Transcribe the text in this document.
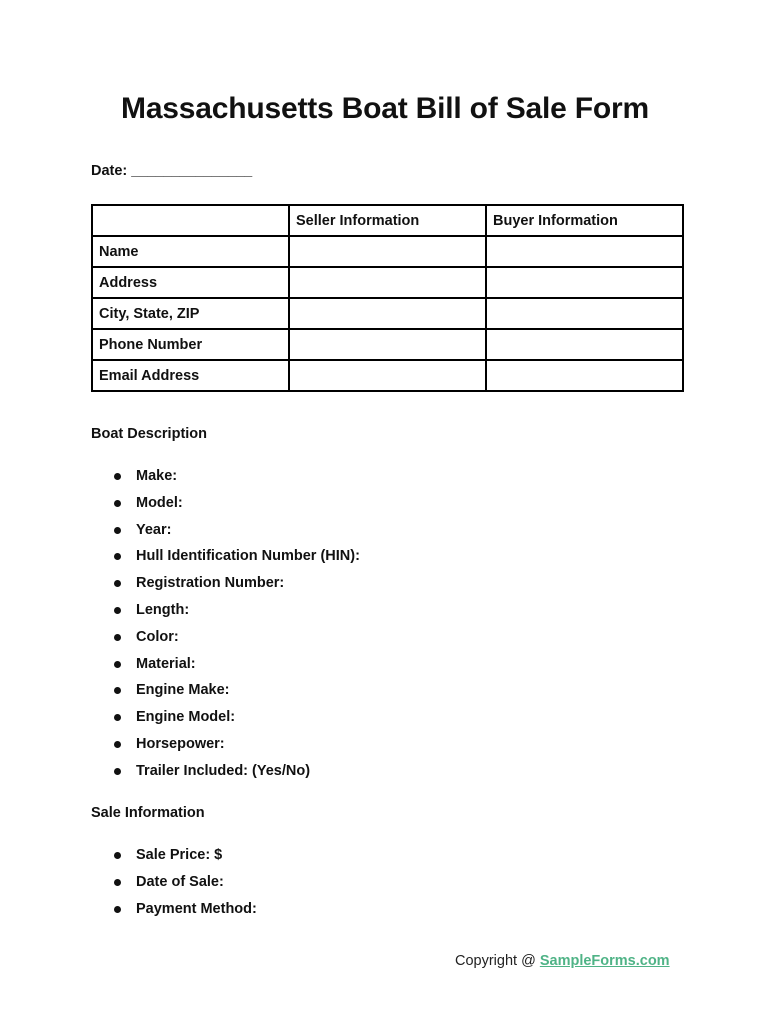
Massachusetts Boat Bill of Sale Form
Date: _______________
	Seller Information	Buyer Information
Name		
Address		
City, State, ZIP		
Phone Number		
Email Address		
Boat Description
Make:
Model:
Year:
Hull Identification Number (HIN):
Registration Number:
Length:
Color:
Material:
Engine Make:
Engine Model:
Horsepower:
Trailer Included: (Yes/No)
Sale Information
Sale Price: $
Date of Sale:
Payment Method:
Copyright @ SampleForms.com
